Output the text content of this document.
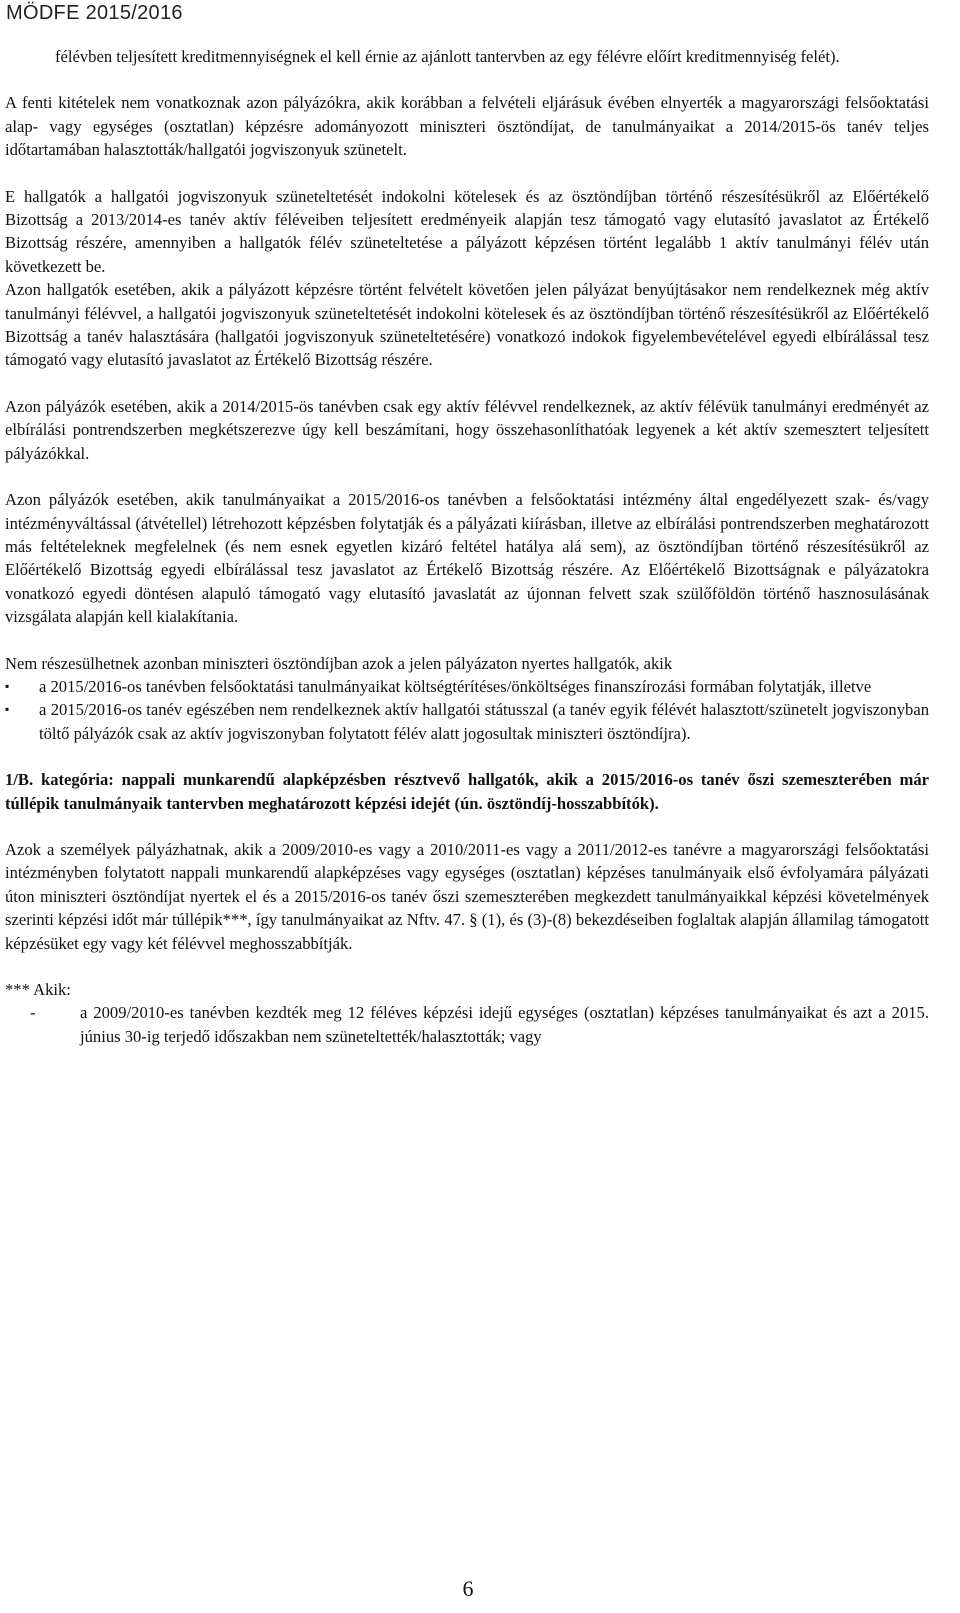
MÖDFE 2015/2016

félévben teljesített kreditmennyiségnek el kell érnie az ajánlott tantervben az egy félévre előírt kreditmennyiség felét).

A fenti kitételek nem vonatkoznak azon pályázókra, akik korábban a felvételi eljárásuk évében elnyerték a magyarországi felsőoktatási alap- vagy egységes (osztatlan) képzésre adományozott miniszteri ösztöndíjat, de tanulmányaikat a 2014/2015-ös tanév teljes időtartamában halasztották/hallgatói jogviszonyuk szünetelt.

E hallgatók a hallgatói jogviszonyuk szüneteltetését indokolni kötelesek és az ösztöndíjban történő részesítésükről az Előértékelő Bizottság a 2013/2014-es tanév aktív féléveiben teljesített eredményeik alapján tesz támogató vagy elutasító javaslatot az Értékelő Bizottság részére, amennyiben a hallgatók félév szüneteltetése a pályázott képzésen történt legalább 1 aktív tanulmányi félév után következett be.

Azon hallgatók esetében, akik a pályázott képzésre történt felvételt követően jelen pályázat benyújtásakor nem rendelkeznek még aktív tanulmányi félévvel, a hallgatói jogviszonyuk szüneteltetését indokolni kötelesek és az ösztöndíjban történő részesítésükről az Előértékelő Bizottság a tanév halasztására (hallgatói jogviszonyuk szüneteltetésére) vonatkozó indokok figyelembevételével egyedi elbírálással tesz támogató vagy elutasító javaslatot az Értékelő Bizottság részére.

Azon pályázók esetében, akik a 2014/2015-ös tanévben csak egy aktív félévvel rendelkeznek, az aktív félévük tanulmányi eredményét az elbírálási pontrendszerben megkétszerezve úgy kell beszámítani, hogy összehasonlíthatóak legyenek a két aktív szemesztert teljesített pályázókkal.

Azon pályázók esetében, akik tanulmányaikat a 2015/2016-os tanévben a felsőoktatási intézmény által engedélyezett szak- és/vagy intézményváltással (átvétellel) létrehozott képzésben folytatják és a pályázati kiírásban, illetve az elbírálási pontrendszerben meghatározott más feltételeknek megfelelnek (és nem esnek egyetlen kizáró feltétel hatálya alá sem), az ösztöndíjban történő részesítésükről az Előértékelő Bizottság egyedi elbírálással tesz javaslatot az Értékelő Bizottság részére. Az Előértékelő Bizottságnak e pályázatokra vonatkozó egyedi döntésen alapuló támogató vagy elutasító javaslatát az újonnan felvett szak szülőföldön történő hasznosulásának vizsgálata alapján kell kialakítania.

Nem részesülhetnek azonban miniszteri ösztöndíjban azok a jelen pályázaton nyertes hallgatók, akik

▪ a 2015/2016-os tanévben felsőoktatási tanulmányaikat költségtérítéses/önköltséges finanszírozási formában folytatják, illetve
▪ a 2015/2016-os tanév egészében nem rendelkeznek aktív hallgatói státusszal (a tanév egyik félévét halasztott/szünetelt jogviszonyban töltő pályázók csak az aktív jogviszonyban folytatott félév alatt jogosultak miniszteri ösztöndíjra).

1/B. kategória: nappali munkarendű alapképzésben résztvevő hallgatók, akik a 2015/2016-os tanév őszi szemeszterében már túllépik tanulmányaik tantervben meghatározott képzési idejét (ún. ösztöndíj-hosszabbítók).

Azok a személyek pályázhatnak, akik a 2009/2010-es vagy a 2010/2011-es vagy a 2011/2012-es tanévre a magyarországi felsőoktatási intézményben folytatott nappali munkarendű alapképzéses vagy egységes (osztatlan) képzéses tanulmányaik első évfolyamára pályázati úton miniszteri ösztöndíjat nyertek el és a 2015/2016-os tanév őszi szemeszterében megkezdett tanulmányaikkal képzési követelmények szerinti képzési időt már túllépik***, így tanulmányaikat az Nftv. 47. § (1), és (3)-(8) bekezdéseiben foglaltak alapján államilag támogatott képzésüket egy vagy két félévvel meghosszabbítják.

*** Akik:

-	a 2009/2010-es tanévben kezdték meg 12 féléves képzési idejű egységes (osztatlan) képzéses tanulmányaikat és azt a 2015. június 30-ig terjedő időszakban nem szüneteltették/halasztották; vagy
6
